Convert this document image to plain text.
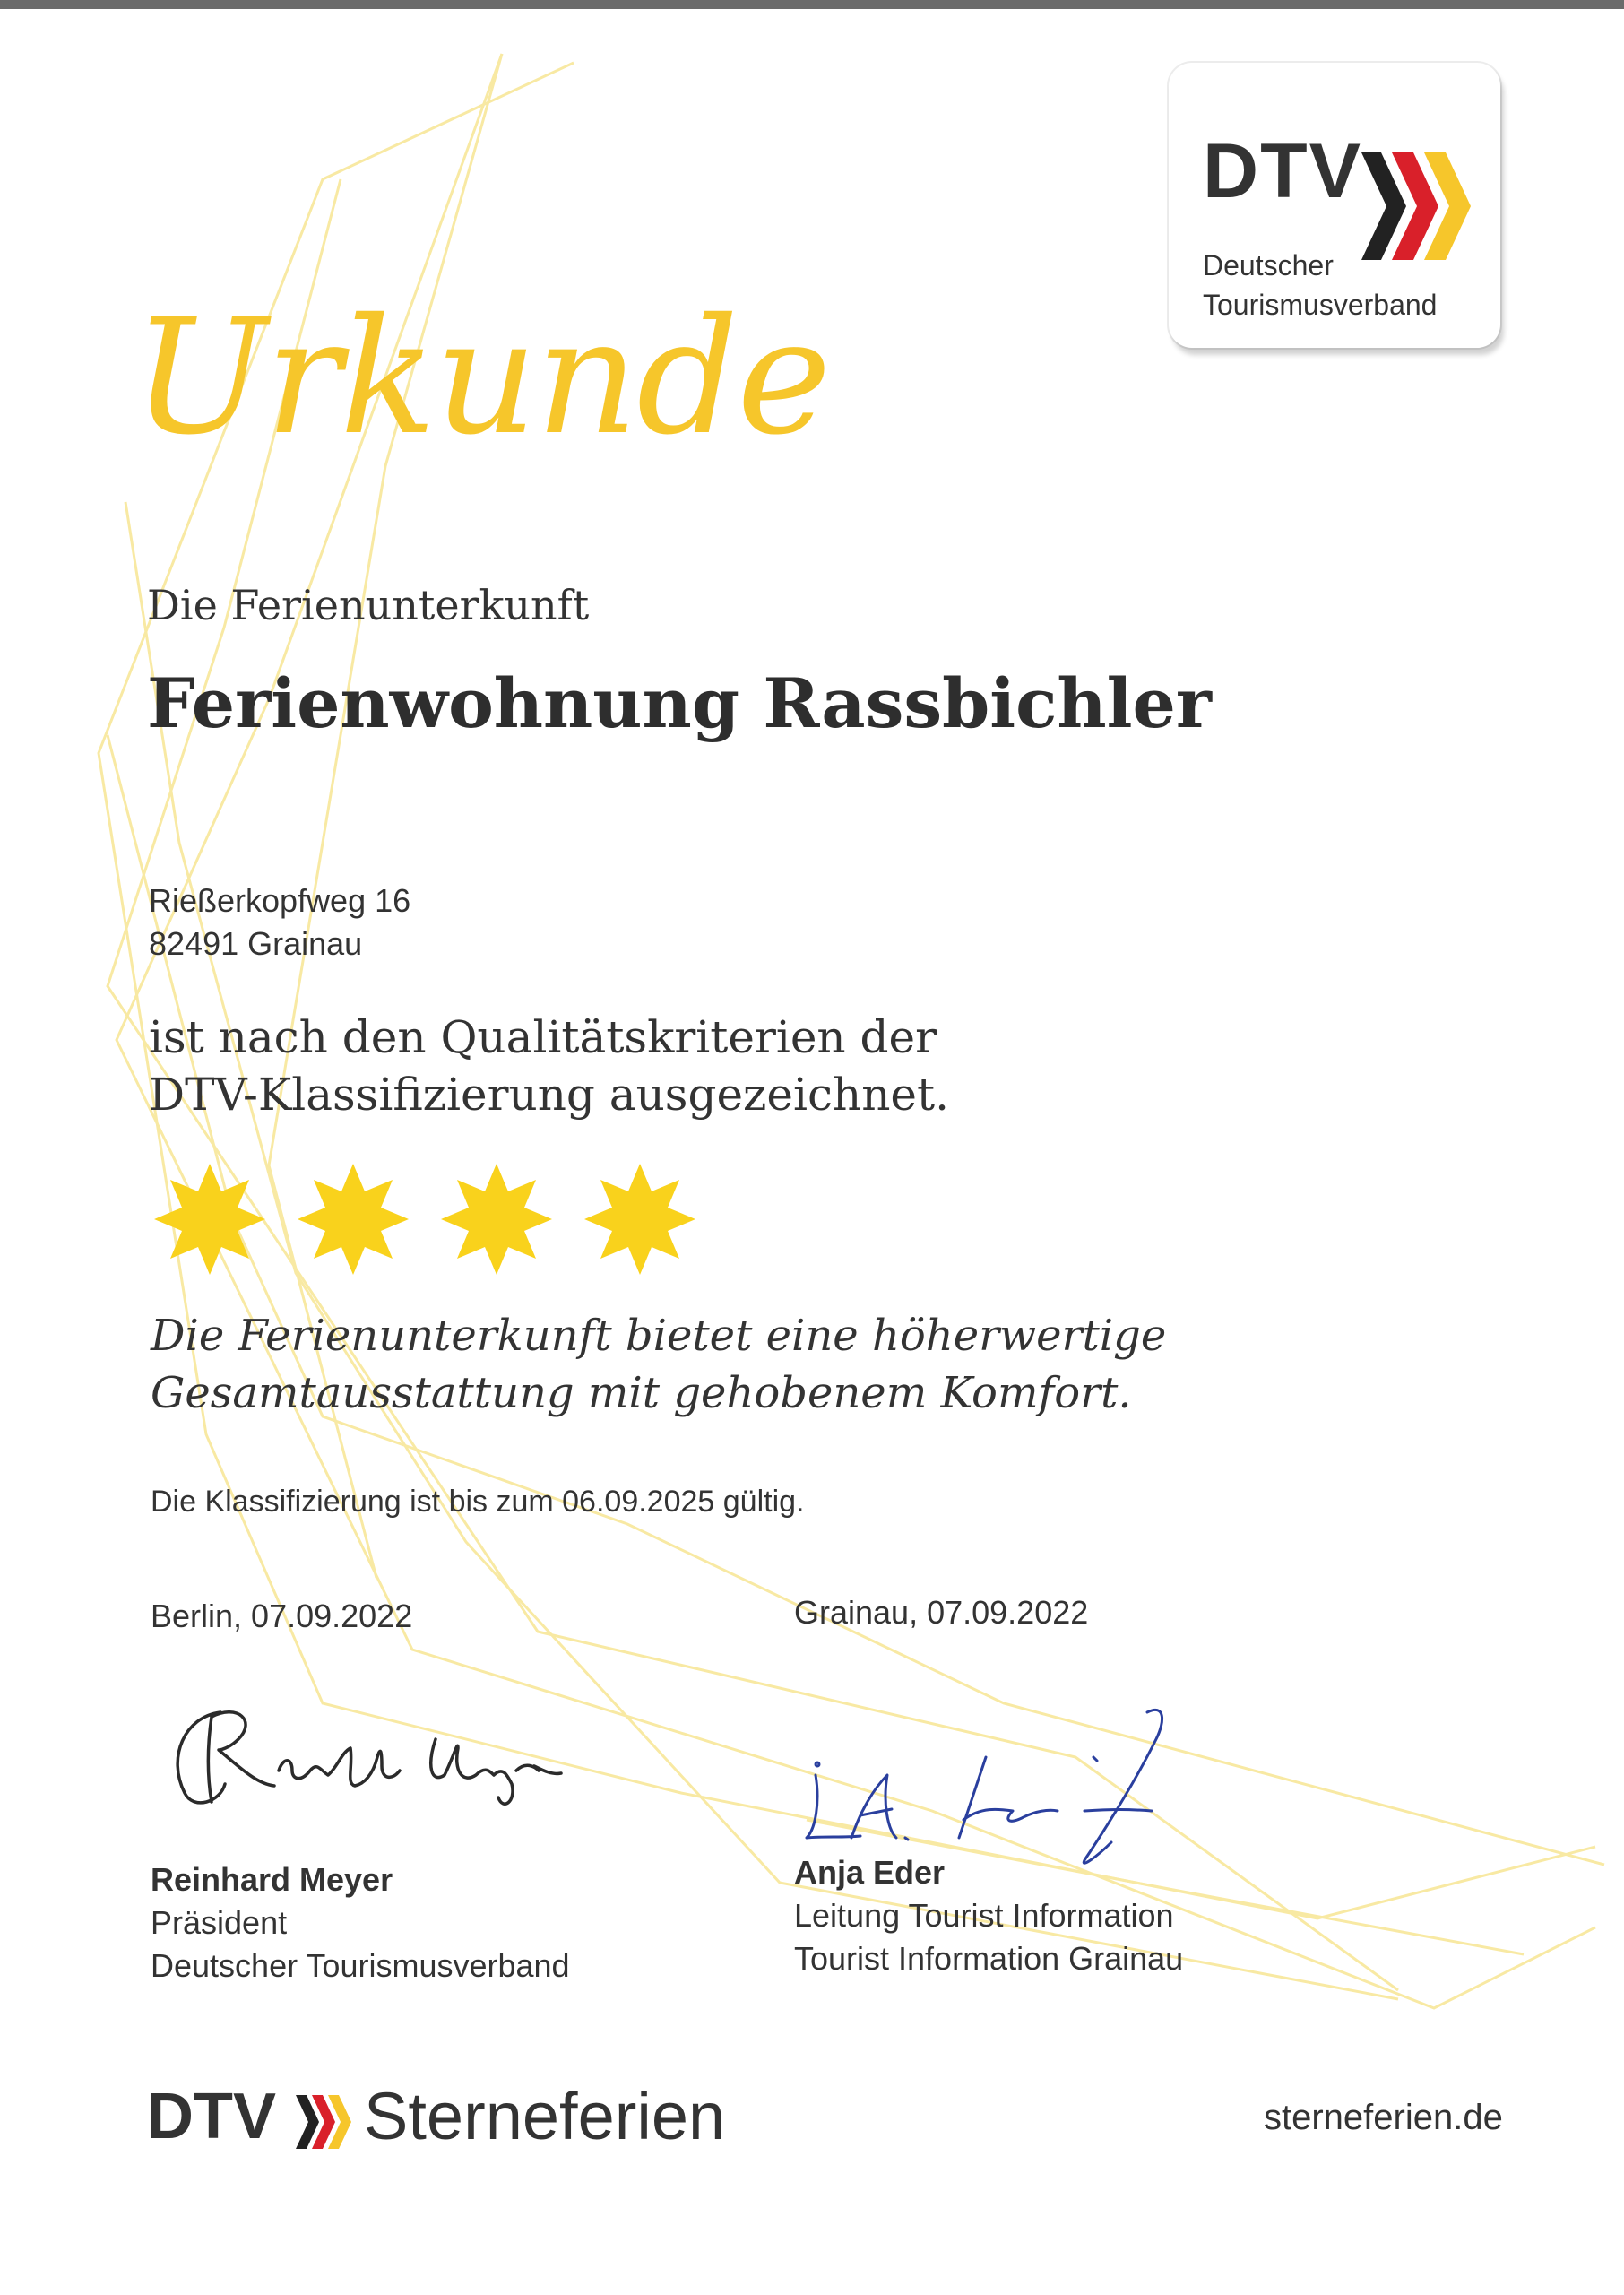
DTV
Deutscher
Tourismusverband
Urkunde
Die Ferienunterkunft
Ferienwohnung Rassbichler
Rießerkopfweg 16
82491 Grainau
ist nach den Qualitätskriterien der
DTV-Klassifizierung ausgezeichnet.
Die Ferienunterkunft bietet eine höherwertige
Gesamtausstattung mit gehobenem Komfort.
Die Klassifizierung ist bis zum 06.09.2025 gültig.
Berlin, 07.09.2022	Grainau, 07.09.2022
Reinhard Meyer
Präsident
Deutscher Tourismusverband
Anja Eder
Leitung Tourist Information
Tourist Information Grainau
DTV Sterneferien	sterneferien.de
